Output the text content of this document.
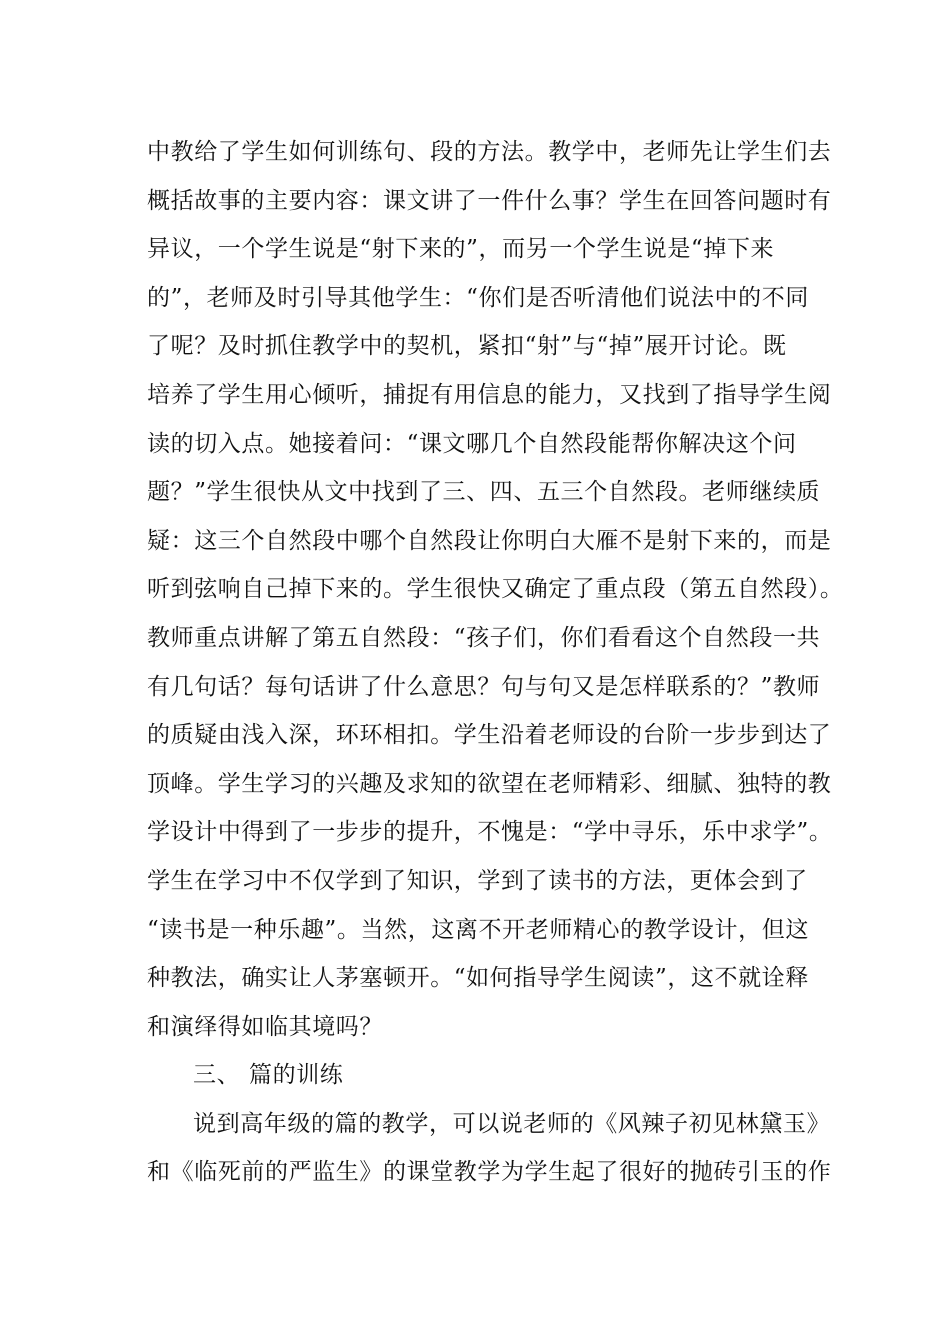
中教给了学生如何训练句、段的方法。教学中，老师先让学生们去
概括故事的主要内容：课文讲了一件什么事？学生在回答问题时有
异议，一个学生说是“射下来的”，而另一个学生说是“掉下来
的”，老师及时引导其他学生：“你们是否听清他们说法中的不同
了呢？及时抓住教学中的契机，紧扣“射”与“掉”展开讨论。既
培养了学生用心倾听，捕捉有用信息的能力，又找到了指导学生阅
读的切入点。她接着问：“课文哪几个自然段能帮你解决这个问
题？”学生很快从文中找到了三、四、五三个自然段。老师继续质
疑：这三个自然段中哪个自然段让你明白大雁不是射下来的，而是
听到弦响自己掉下来的。学生很快又确定了重点段（第五自然段）。
教师重点讲解了第五自然段：“孩子们，你们看看这个自然段一共
有几句话？每句话讲了什么意思？句与句又是怎样联系的？”教师
的质疑由浅入深，环环相扣。学生沿着老师设的台阶一步步到达了
顶峰。学生学习的兴趣及求知的欲望在老师精彩、细腻、独特的教
学设计中得到了一步步的提升，不愧是：“学中寻乐，乐中求学”。
学生在学习中不仅学到了知识，学到了读书的方法，更体会到了
“读书是一种乐趣”。当然，这离不开老师精心的教学设计，但这
种教法，确实让人茅塞顿开。“如何指导学生阅读”，这不就诠释
和演绎得如临其境吗？
三、 篇的训练
说到高年级的篇的教学，可以说老师的《风辣子初见林黛玉》
和《临死前的严监生》的课堂教学为学生起了很好的抛砖引玉的作
